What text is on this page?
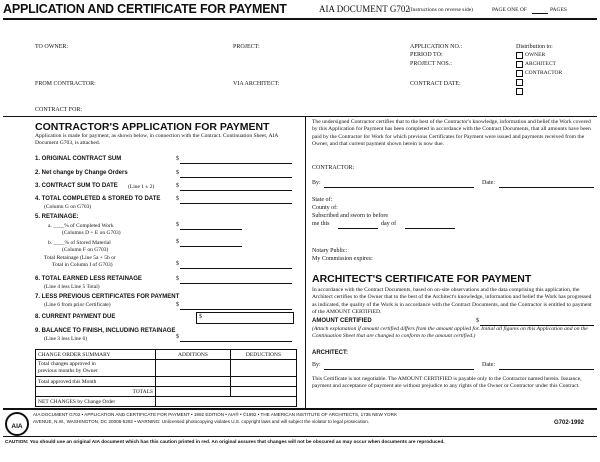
APPLICATION AND CERTIFICATE FOR PAYMENT	AIA DOCUMENT G702 (Instructions on reverse side)	PAGE ONE OF	PAGES
TO OWNER:	PROJECT:	APPLICATION NO.:
PERIOD TO:
PROJECT NOS.:
FROM CONTRACTOR:	VIA ARCHITECT:	CONTRACT DATE:
CONTRACT FOR:
Distribution to:
OWNER
ARCHITECT
CONTRACTOR
CONTRACTOR'S APPLICATION FOR PAYMENT
Application is made for payment, as shown below, in connection with the Contract. Continuation Sheet, AIA Document G703, is attached.
1. ORIGINAL CONTRACT SUM	$
2. Net change by Change Orders	$
3. CONTRACT SUM TO DATE (Line 1 ± 2)	$
4. TOTAL COMPLETED & STORED TO DATE	$
(Column G on G703)
5. RETAINAGE:
a. ____% of Completed Work	$
(Columns D + E on G703)
b. ____% of Stored Material	$
(Column F on G703)
Total Retainage (Line 5a + 5b or
Total in Column I of G703)	$
6. TOTAL EARNED LESS RETAINAGE	$
(Line 4 less Line 5 Total)
7. LESS PREVIOUS CERTIFICATES FOR PAYMENT
$
(Line 6 from prior Certificate)
8. CURRENT PAYMENT DUE	$
9. BALANCE TO FINISH, INCLUDING RETAINAGE
$
(Line 3 less Line 6)
CHANGE ORDER SUMMARY	ADDITIONS	DEDUCTIONS
Total changes approved in
previous months by Owner		
Total approved this Month		
TOTALS		
NET CHANGES by Change Order		
The undersigned Contractor certifies that to the best of the Contractor's knowledge, information and belief the Work covered by this Application for Payment has been completed in accordance with the Contract Documents, that all amounts have been paid by the Contractor for Work for which previous Certificates for Payment were issued and payments received from the Owner, and that current payment shown herein is now due.
CONTRACTOR:
By:	Date:
State of:
County of:
Subscribed and sworn to before
me this	day of
Notary Public:
My Commission expires:
ARCHITECT'S CERTIFICATE FOR PAYMENT
In accordance with the Contract Documents, based on on-site observations and the data comprising this application, the Architect certifies to the Owner that to the best of the Architect's knowledge, information and belief the Work has progressed as indicated, the quality of the Work is in accordance with the Contract Documents, and the Contractor is entitled to payment of the AMOUNT CERTIFIED.
AMOUNT CERTIFIED	$
(Attach explanation if amount certified differs from the amount applied for. Initial all figures on this Application and on the Continuation Sheet that are changed to conform to the amount certified.)
ARCHITECT:
By:	Date:
This Certificate is not negotiable. The AMOUNT CERTIFIED is payable only to the Contractor named herein. Issuance, payment and acceptance of payment are without prejudice to any rights of the Owner or Contractor under this Contract.
AIA
AIA DOCUMENT G702 • APPLICATION AND CERTIFICATE FOR PAYMENT • 1992 EDITION • AIA® • ©1992 • THE AMERICAN INSTITUTE OF ARCHITECTS, 1735 NEW YORK
AVENUE, N.W., WASHINGTON, DC 20006-5292 • WARNING: Unlicensed photocopying violates U.S. copyright laws and will subject the violator to legal prosecution.	G702-1992
CAUTION: You should use an original AIA document which has this caution printed in red. An original assures that changes will not be obscured as may occur when documents are reproduced.
